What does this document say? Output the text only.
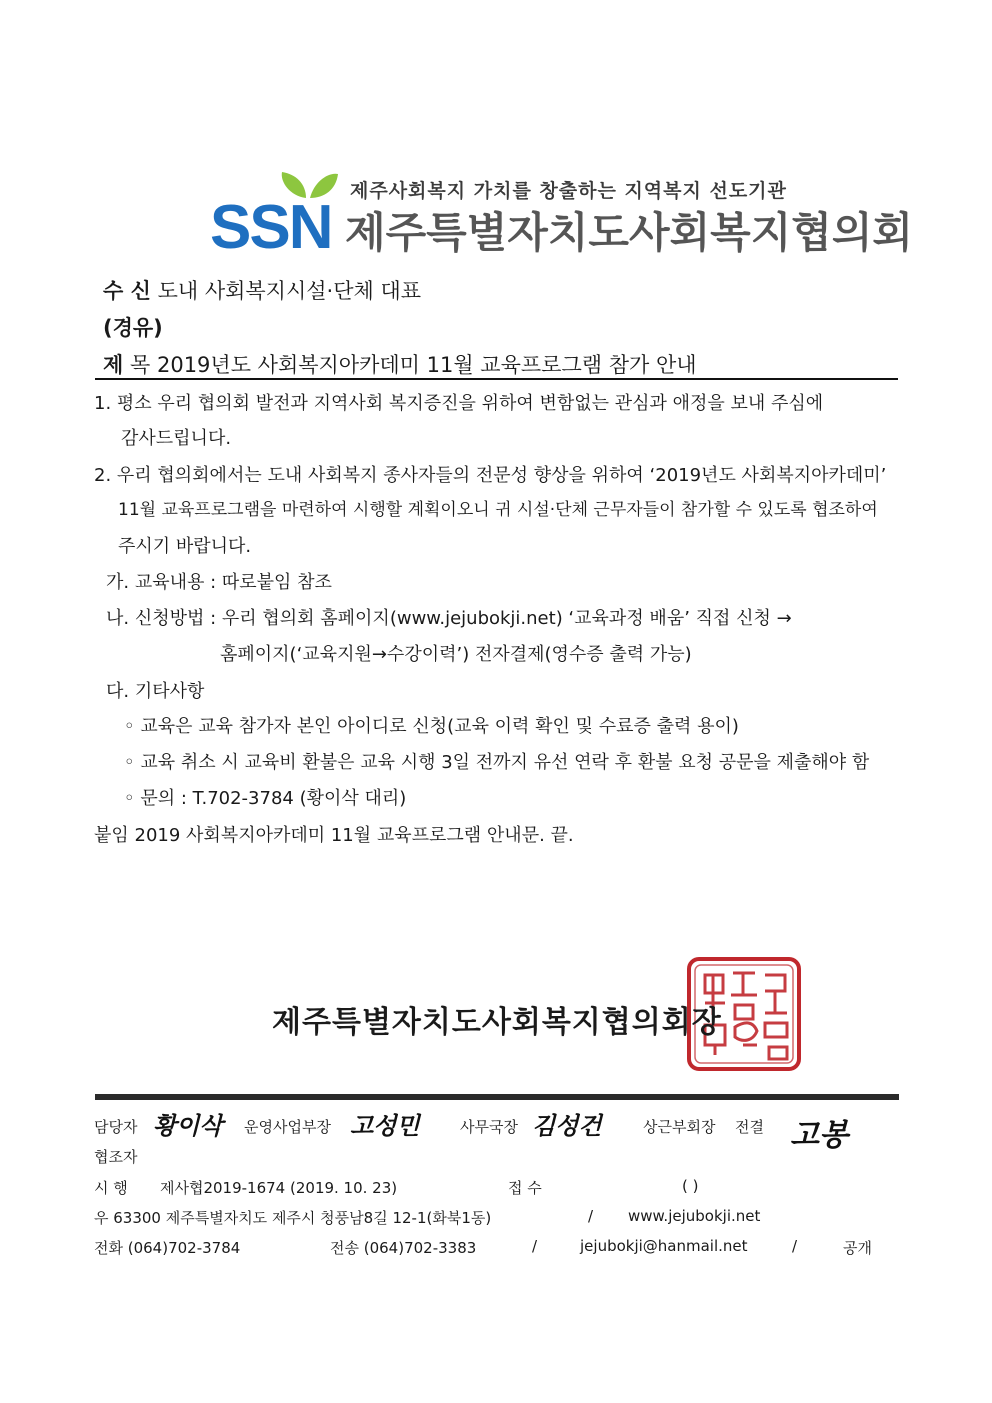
SSN
제주사회복지 가치를 창출하는 지역복지 선도기관
제주특별자치도사회복지협의회
수 신 도내 사회복지시설·단체 대표
(경유)
제 목 2019년도 사회복지아카데미 11월 교육프로그램 참가 안내
1. 평소 우리 협의회 발전과 지역사회 복지증진을 위하여 변함없는 관심과 애정을 보내 주심에
감사드립니다.
2. 우리 협의회에서는 도내 사회복지 종사자들의 전문성 향상을 위하여 ‘2019년도 사회복지아카데미’
11월 교육프로그램을 마련하여 시행할 계획이오니 귀 시설·단체 근무자들이 참가할 수 있도록 협조하여
주시기 바랍니다.
가. 교육내용 : 따로붙임 참조
나. 신청방법 : 우리 협의회 홈페이지(www.jejubokji.net) ‘교육과정 배움’ 직접 신청 →
홈페이지(‘교육지원→수강이력’) 전자결제(영수증 출력 가능)
다. 기타사항
◦ 교육은 교육 참가자 본인 아이디로 신청(교육 이력 확인 및 수료증 출력 용이)
◦ 교육 취소 시 교육비 환불은 교육 시행 3일 전까지 유선 연락 후 환불 요청 공문을 제출해야 함
◦ 문의 : T.702-3784 (황이삭 대리)
붙임 2019 사회복지아카데미 11월 교육프로그램 안내문. 끝.
제주특별자치도사회복지협의회장
담당자 황이삭 운영사업부장 고성민	사무국장 김성건	상근부회장 전결 고봉
협조자
시 행 제사협2019-1674 (2019. 10. 23)	접 수	( )
우 63300 제주특별자치도 제주시 청풍남8길 12-1(화북1동)	/ www.jejubokji.net
전화 (064)702-3784	전송 (064)702-3383	/	jejubokji@hanmail.net	/	공개
